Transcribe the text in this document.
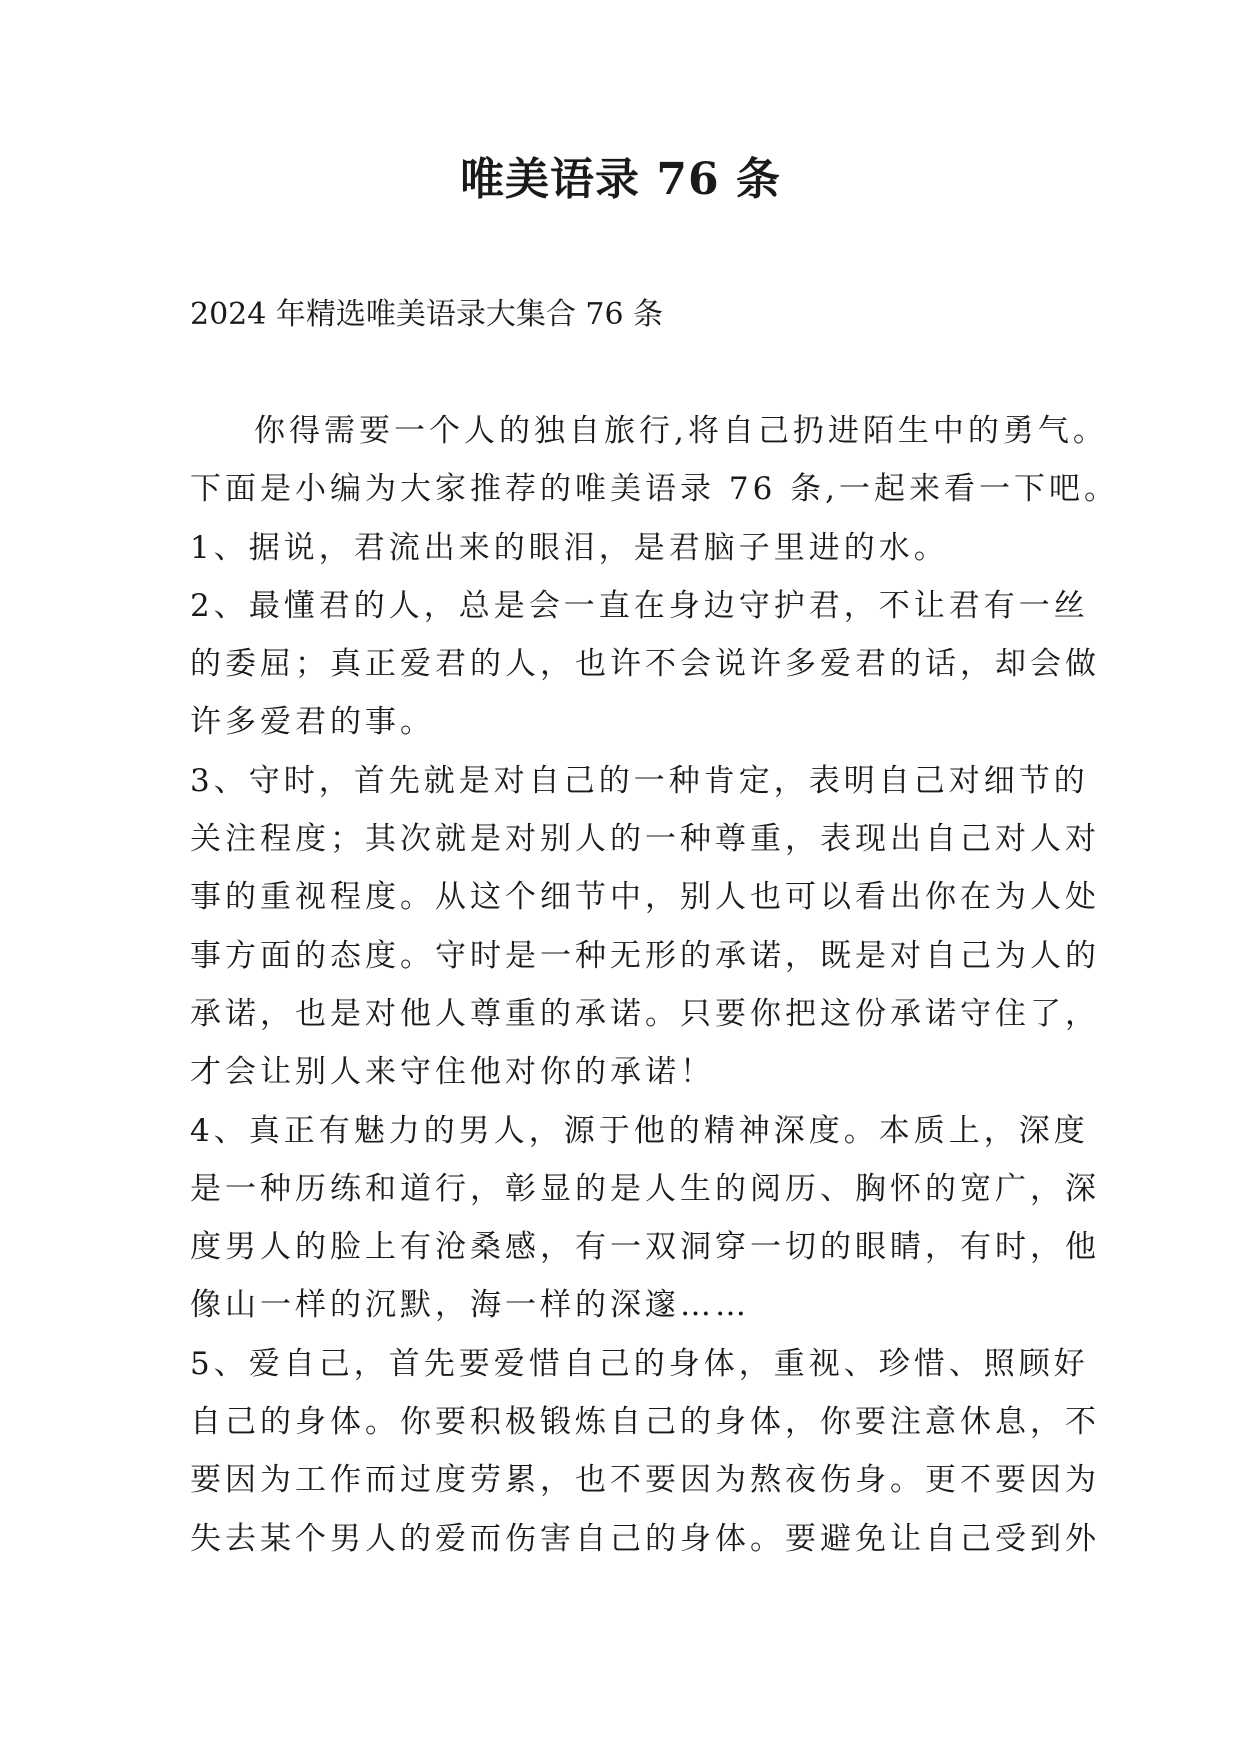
唯美语录 76 条
2024 年精选唯美语录大集合 76 条
你得需要一个人的独自旅行,将自己扔进陌生中的勇气。
下面是小编为大家推荐的唯美语录 76 条,一起来看一下吧。
1、据说，君流出来的眼泪，是君脑子里进的水。
2、最懂君的人，总是会一直在身边守护君，不让君有一丝
的委屈；真正爱君的人，也许不会说许多爱君的话，却会做
许多爱君的事。
3、守时，首先就是对自己的一种肯定，表明自己对细节的
关注程度；其次就是对别人的一种尊重，表现出自己对人对
事的重视程度。从这个细节中，别人也可以看出你在为人处
事方面的态度。守时是一种无形的承诺，既是对自己为人的
承诺，也是对他人尊重的承诺。只要你把这份承诺守住了，
才会让别人来守住他对你的承诺！
4、真正有魅力的男人，源于他的精神深度。本质上，深度
是一种历练和道行，彰显的是人生的阅历、胸怀的宽广，深
度男人的脸上有沧桑感，有一双洞穿一切的眼睛，有时，他
像山一样的沉默，海一样的深邃……
5、爱自己，首先要爱惜自己的身体，重视、珍惜、照顾好
自己的身体。你要积极锻炼自己的身体，你要注意休息，不
要因为工作而过度劳累，也不要因为熬夜伤身。更不要因为
失去某个男人的爱而伤害自己的身体。要避免让自己受到外
